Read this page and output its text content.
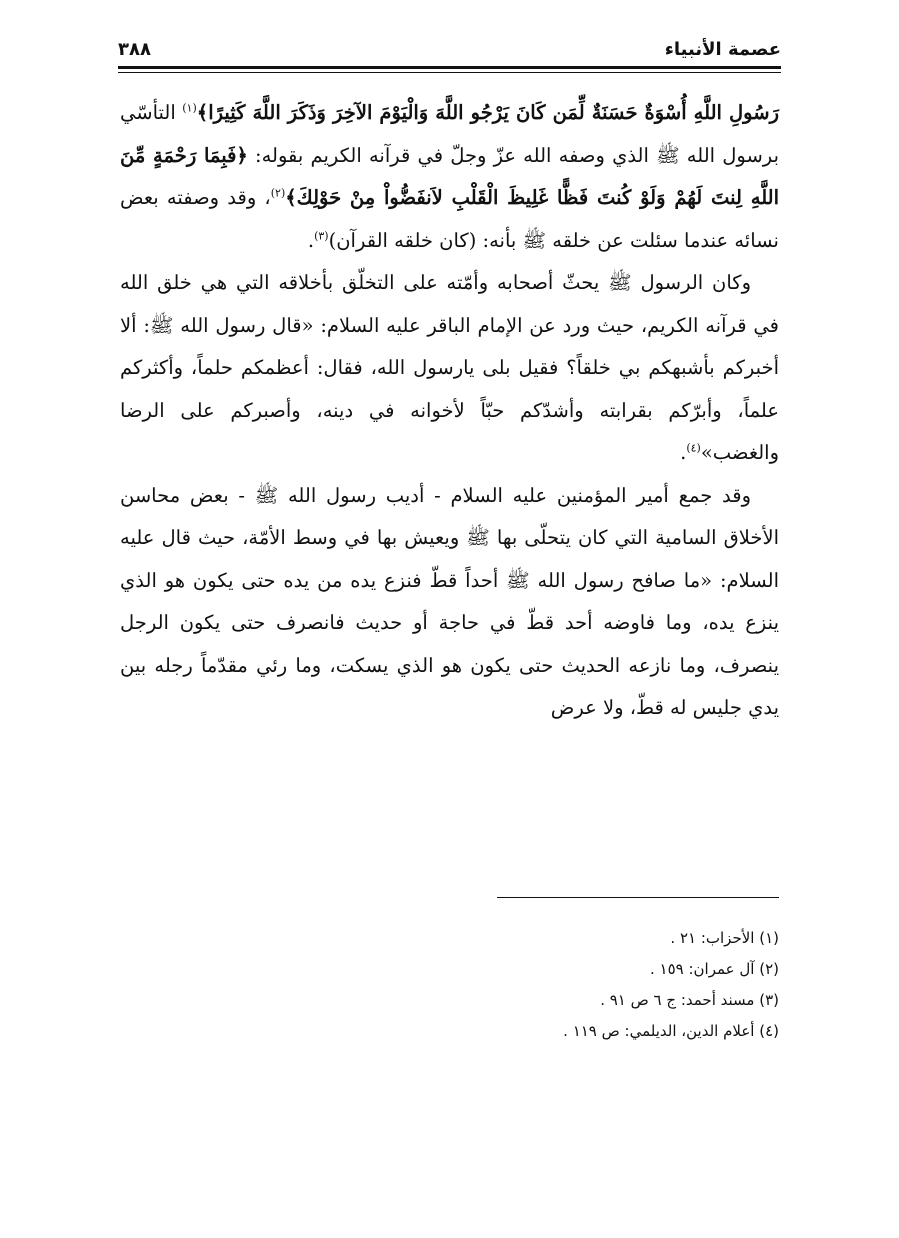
٣٨٨	عصمة الأنبياء

رَسُولِ اللَّهِ أُسْوَةٌ حَسَنَةٌ لِّمَن كَانَ يَرْجُو اللَّهَ وَالْيَوْمَ الآخِرَ وَذَكَرَ اللَّهَ كَثِيرًا﴾$^{(١)}$ التأسّي برسول الله ﷺ الذي وصفه الله عزّ وجلّ في قرآنه الكريم بقوله: ﴿فَبِمَا رَحْمَةٍ مِّنَ اللَّهِ لِنتَ لَهُمْ وَلَوْ كُنتَ فَظًّا غَلِيظَ الْقَلْبِ لاَنفَضُّواْ مِنْ حَوْلِكَ﴾$^{(٢)}$، وقد وصفته بعض نسائه عندما سئلت عن خلقه ﷺ بأنه: (كان خلقه القرآن)$^{(٣)}$.

وكان الرسول ﷺ يحثّ أصحابه وأمّته على التخلّق بأخلاقه التي هي خلق الله في قرآنه الكريم، حيث ورد عن الإمام الباقر عليه السلام: «قال رسول الله ﷺ: ألا أخبركم بأشبهكم بي خلقاً؟ فقيل بلى يارسول الله، فقال: أعظمكم حلماً، وأكثركم علماً، وأبرّكم بقرابته وأشدّكم حبّاً لأخوانه في دينه، وأصبركم على الرضا والغضب»$^{(٤)}$.

وقد جمع أمير المؤمنين عليه السلام - أديب رسول الله ﷺ - بعض محاسن الأخلاق السامية التي كان يتحلّى بها ﷺ ويعيش بها في وسط الأمّة، حيث قال عليه السلام: «ما صافح رسول الله ﷺ أحداً قطّ فنزع يده من يده حتى يكون هو الذي ينزع يده، وما فاوضه أحد قطّ في حاجة أو حديث فانصرف حتى يكون الرجل ينصرف، وما نازعه الحديث حتى يكون هو الذي يسكت، وما رئي مقدّماً رجله بين يدي جليس له قطّ، ولا عرض

(١) الأحزاب: ٢١ .
(٢) آل عمران: ١٥٩ .
(٣) مسند أحمد: ج ٦ ص ٩١ .
(٤) أعلام الدين، الديلمي: ص ١١٩ .
